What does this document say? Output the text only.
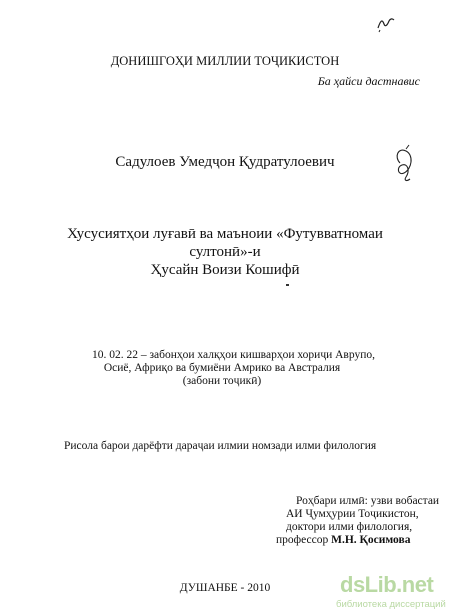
ДОНИШГОҲИ МИЛЛИИ ТОҶИКИСТОН
Ба ҳайси дастнавис
Садулоев Умедҷон Қудратулоевич
Хусусиятҳои луғавӣ ва маъноии «Футувватномаи
султонӣ»-и
Ҳусайн Воизи Кошифӣ
10. 02. 22 – забонҳои халқҳои кишварҳои хориҷи Аврупо,
Осиё, Африқо ва бумиёни Амрико ва Австралия
(забони тоҷикӣ)
Рисола барои дарёфти дараҷаи илмии номзади илми филология
Роҳбари илмӣ: узви вобастаи
АИ Ҷумҳурии Тоҷикистон,
доктори илми филология,
профессор М.Н. Қосимова
ДУШАНБЕ - 2010	dsLib.net
библиотека диссертаций
